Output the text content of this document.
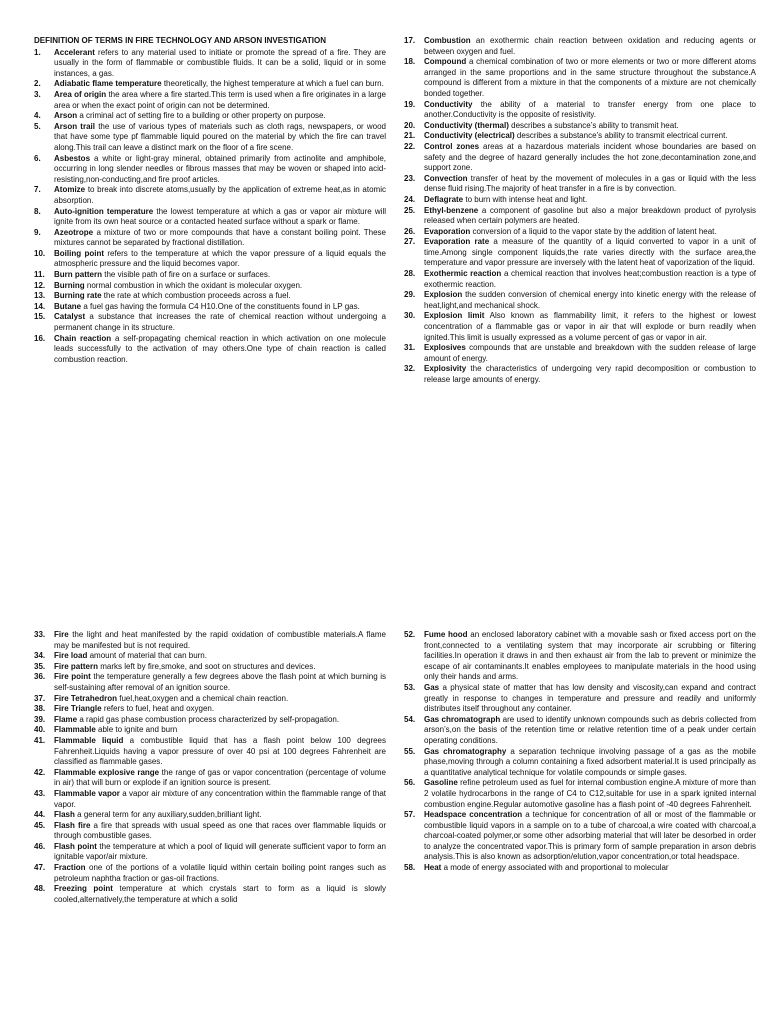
DEFINITION OF TERMS IN FIRE TECHNOLOGY AND ARSON INVESTIGATION
1.	Accelerant refers to any material used to initiate or promote the spread of a fire. They are usually in the form of flammable or combustible fluids. It can be a solid, liquid or in some instances, a gas.
2.	Adiabatic flame temperature theoretically, the highest temperature at which a fuel can burn.
3.	Area of origin the area where a fire started.This term is used when a fire originates in a large area or when the exact point of origin can not be determined.
4.	Arson a criminal act of setting fire to a building or other property on purpose.
5.	Arson trail the use of various types of materials such as cloth rags, newspapers, or wood that have some type pf flammable liquid poured on the material by which the fire can travel along.This trail can leave a distinct mark on the floor of a fire scene.
6.	Asbestos a white or light-gray mineral, obtained primarily from actinolite and amphibole, occurring in long slender needles or fibrous masses that may be woven or shaped into acid-resisting,non-conducting,and fire proof articles.
7.	Atomize to break into discrete atoms,usually by the application of extreme heat,as in atomic absorption.
8.	Auto-ignition temperature the lowest temperature at which a gas or vapor air mixture will ignite from its own heat source or a contacted heated surface without a spark or flame.
9.	Azeotrope a mixture of two or more compounds that have a constant boiling point. These mixtures cannot be separated by fractional distillation.
10.	Boiling point refers to the temperature at which the vapor pressure of a liquid equals the atmospheric pressure and the liquid becomes vapor.
11.	Burn pattern the visible path of fire on a surface or surfaces.
12.	Burning normal combustion in which the oxidant is molecular oxygen.
13.	Burning rate the rate at which combustion proceeds across a fuel.
14.	Butane a fuel gas having the formula C4 H10.One of the constituents found in LP gas.
15.	Catalyst a substance that increases the rate of chemical reaction without undergoing a permanent change in its structure.
16.	Chain reaction a self-propagating chemical reaction in which activation on one molecule leads successfully to the activation of may others.One type of chain reaction is called combustion reaction.
17.	Combustion an exothermic chain reaction between oxidation and reducing agents or between oxygen and fuel.
18.	Compound a chemical combination of two or more elements or two or more different atoms arranged in the same proportions and in the same structure throughout the substance.A compound is different from a mixture in that the components of a mixture are not chemically bonded together.
19.	Conductivity the ability of a material to transfer energy from one place to another.Conductivity is the opposite of resistivity.
20.	Conductivity (thermal) describes a substance’s ability to transmit heat.
21.	Conductivity (electrical) describes a substance’s ability to transmit electrical current.
22.	Control zones areas at a hazardous materials incident whose boundaries are based on safety and the degree of hazard generally includes the hot zone,decontamination zone,and support zone.
23.	Convection transfer of heat by the movement of molecules in a gas or liquid with the less dense fluid rising.The majority of heat transfer in a fire is by convection.
24.	Deflagrate to burn with intense heat and light.
25.	Ethyl-benzene a component of gasoline but also a major breakdown product of pyrolysis released when certain polymers are heated.
26.	Evaporation conversion of a liquid to the vapor state by the addition of latent heat.
27.	Evaporation rate a measure of the quantity of a liquid converted to vapor in a unit of time.Among single component liquids,the rate varies directly with the surface area,the temperature and vapor pressure are inversely with the latent heat of vaporization of the liquid.
28.	Exothermic reaction a chemical reaction that involves heat;combustion reaction is a type of exothermic reaction.
29.	Explosion the sudden conversion of chemical energy into kinetic energy with the release of heat,light,and mechanical shock.
30.	Explosion limit Also known as flammability limit, it refers to the highest or lowest concentration of a flammable gas or vapor in air that will explode or burn readily when ignited.This limit is usually expressed as a volume percent of gas or vapor in air.
31.	Explosives compounds that are unstable and breakdown with the sudden release of large amount of energy.
32.	Explosivity the characteristics of undergoing very rapid decomposition or combustion to release large amounts of energy.
33.	Fire the light and heat manifested by the rapid oxidation of combustible materials.A flame may be manifested but is not required.
34.	Fire load amount of material that can burn.
35.	Fire pattern marks left by fire,smoke, and soot on structures and devices.
36.	Fire point the temperature generally a few degrees above the flash point at which burning is self-sustaining after removal of an ignition source.
37.	Fire Tetrahedron fuel,heat,oxygen and a chemical chain reaction.
38.	Fire Triangle refers to fuel, heat and oxygen.
39.	Flame a rapid gas phase combustion process characterized by self-propagation.
40.	Flammable able to ignite and burn
41.	Flammable liquid a combustible liquid that has a flash point below 100 degrees Fahrenheit.Liquids having a vapor pressure of over 40 psi at 100 degrees Fahrenheit are classified as flammable gases.
42.	Flammable explosive range the range of gas or vapor concentration (percentage of volume in air) that will burn or explode if an ignition source is present.
43.	Flammable vapor a vapor air mixture of any concentration within the flammable range of that vapor.
44.	Flash a general term for any auxiliary,sudden,brilliant light.
45.	Flash fire a fire that spreads with usual speed as one that races over flammable liquids or through combustible gases.
46.	Flash point the temperature at which a pool of liquid will generate sufficient vapor to form an ignitable vapor/air mixture.
47.	Fraction one of the portions of a volatile liquid within certain boiling point ranges such as petroleum naphtha fraction or gas-oil fractions.
48.	Freezing point temperature at which crystals start to form as a liquid is slowly cooled,alternatively,the temperature at which a solid
52.	Fume hood an enclosed laboratory cabinet with a movable sash or fixed access port on the front,connected to a ventilating system that may incorporate air scrubbing or filtering facilities.In operation it draws in and then exhaust air from the lab to prevent or minimize the escape of air contaminants.It enables employees to manipulate materials in the hood using only their hands and arms.
53.	Gas a physical state of matter that has low density and viscosity,can expand and contract greatly in response to changes in temperature and pressure and readily and uniformly distributes itself throughout any container.
54.	Gas chromatograph are used to identify unknown compounds such as debris collected from arson’s,on the basis of the retention time or relative retention time of a peak under certain operating conditions.
55.	Gas chromatography a separation technique involving passage of a gas as the mobile phase,moving through a column containing a fixed adsorbent material.It is used principally as a quantitative analytical technique for volatile compounds or simple gases.
56.	Gasoline refine petroleum used as fuel for internal combustion engine.A mixture of more than 2 volatile hydrocarbons in the range of C4 to C12,suitable for use in a spark ignited internal combustion engine.Regular automotive gasoline has a flash point of -40 degrees Fahrenheit.
57.	Headspace concentration a technique for concentration of all or most of the flammable or combustible liquid vapors in a sample on to a tube of charcoal,a wire coated with charcoal,a charcoal-coated polymer,or some other adsorbing material that will later be desorbed in order to analyze the concentrated vapor.This is primary form of sample preparation in arson debris analysis.This is also known as adsorption/elution,vapor concentration,or total headspace.
58.	Heat a mode of energy associated with and proportional to molecular
